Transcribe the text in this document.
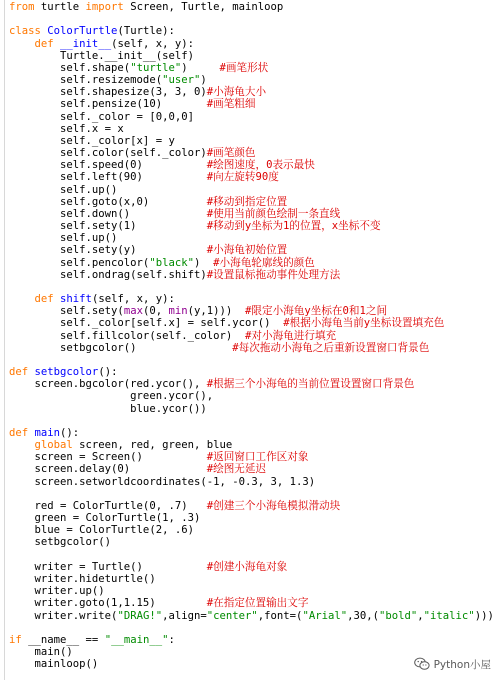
from turtle import Screen, Turtle, mainloop
class ColorTurtle(Turtle):
def __init__(self, x, y):
Turtle.__init__(self)
self.shape("turtle")     #画笔形状
self.resizemode("user")
self.shapesize(3, 3, 0)#小海龟大小
self.pensize(10)       #画笔粗细
self._color = [0,0,0]
self.x = x
self._color[x] = y
self.color(self._color)#画笔颜色
self.speed(0)          #绘图速度，0表示最快
self.left(90)          #向左旋转90度
self.up()
self.goto(x,0)         #移动到指定位置
self.down()            #使用当前颜色绘制一条直线
self.sety(1)           #移动到y坐标为1的位置，x坐标不变
self.up()
self.sety(y)           #小海龟初始位置
self.pencolor("black")  #小海龟轮廓线的颜色
self.ondrag(self.shift)#设置鼠标拖动事件处理方法
def shift(self, x, y):
self.sety(max(0, min(y,1)))  #限定小海龟y坐标在0和1之间
self._color[self.x] = self.ycor()  #根据小海龟当前y坐标设置填充色
self.fillcolor(self._color)  #对小海龟进行填充
setbgcolor()               #每次拖动小海龟之后重新设置窗口背景色
def setbgcolor():
screen.bgcolor(red.ycor(), #根据三个小海龟的当前位置设置窗口背景色
green.ycor(),
blue.ycor())
def main():
global screen, red, green, blue
screen = Screen()          #返回窗口工作区对象
screen.delay(0)            #绘图无延迟
screen.setworldcoordinates(-1, -0.3, 3, 1.3)
red = ColorTurtle(0, .7)   #创建三个小海龟模拟滑动块
green = ColorTurtle(1, .3)
blue = ColorTurtle(2, .6)
setbgcolor()
writer = Turtle()          #创建小海龟对象
writer.hideturtle()
writer.up()
writer.goto(1,1.15)        #在指定位置输出文字
writer.write("DRAG!",align="center",font=("Arial",30,("bold","italic")))
if __name__ == "__main__":
main()
mainloop()	Python小屋
